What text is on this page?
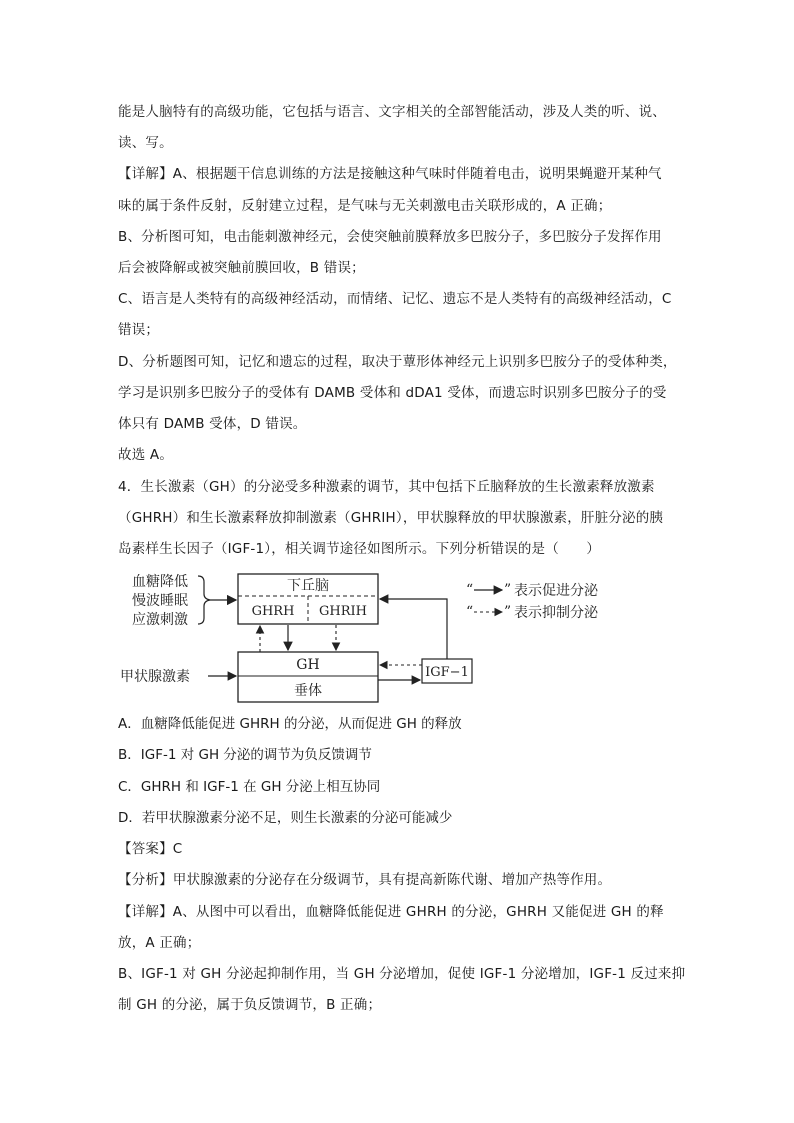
能是人脑特有的高级功能，它包括与语言、文字相关的全部智能活动，涉及人类的听、说、
读、写。
【详解】A、根据题干信息训练的方法是接触这种气味时伴随着电击，说明果蝇避开某种气
味的属于条件反射，反射建立过程，是气味与无关刺激电击关联形成的，A 正确；
B、分析图可知，电击能刺激神经元，会使突触前膜释放多巴胺分子，多巴胺分子发挥作用
后会被降解或被突触前膜回收，B 错误；
C、语言是人类特有的高级神经活动，而情绪、记忆、遗忘不是人类特有的高级神经活动，C
错误；
D、分析题图可知，记忆和遗忘的过程，取决于蕈形体神经元上识别多巴胺分子的受体种类，
学习是识别多巴胺分子的受体有 DAMB 受体和 dDA1 受体，而遗忘时识别多巴胺分子的受
体只有 DAMB 受体，D 错误。
故选 A。
4．生长激素（GH）的分泌受多种激素的调节，其中包括下丘脑释放的生长激素释放激素
（GHRH）和生长激素释放抑制激素（GHRIH），甲状腺释放的甲状腺激素，肝脏分泌的胰
岛素样生长因子（IGF-1），相关调节途径如图所示。下列分析错误的是（　　）
血糖降低
慢波睡眠
应激刺激
下丘脑
GHRH GHRIH
GH
垂体
甲状腺激素	IGF−1
“ ” 表示促进分泌
“ ” 表示抑制分泌
A．血糖降低能促进 GHRH 的分泌，从而促进 GH 的释放
B．IGF-1 对 GH 分泌的调节为负反馈调节
C．GHRH 和 IGF-1 在 GH 分泌上相互协同
D．若甲状腺激素分泌不足，则生长激素的分泌可能减少
【答案】C
【分析】甲状腺激素的分泌存在分级调节，具有提高新陈代谢、增加产热等作用。
【详解】A、从图中可以看出，血糖降低能促进 GHRH 的分泌，GHRH 又能促进 GH 的释
放，A 正确；
B、IGF-1 对 GH 分泌起抑制作用，当 GH 分泌增加，促使 IGF-1 分泌增加，IGF-1 反过来抑
制 GH 的分泌，属于负反馈调节，B 正确；
